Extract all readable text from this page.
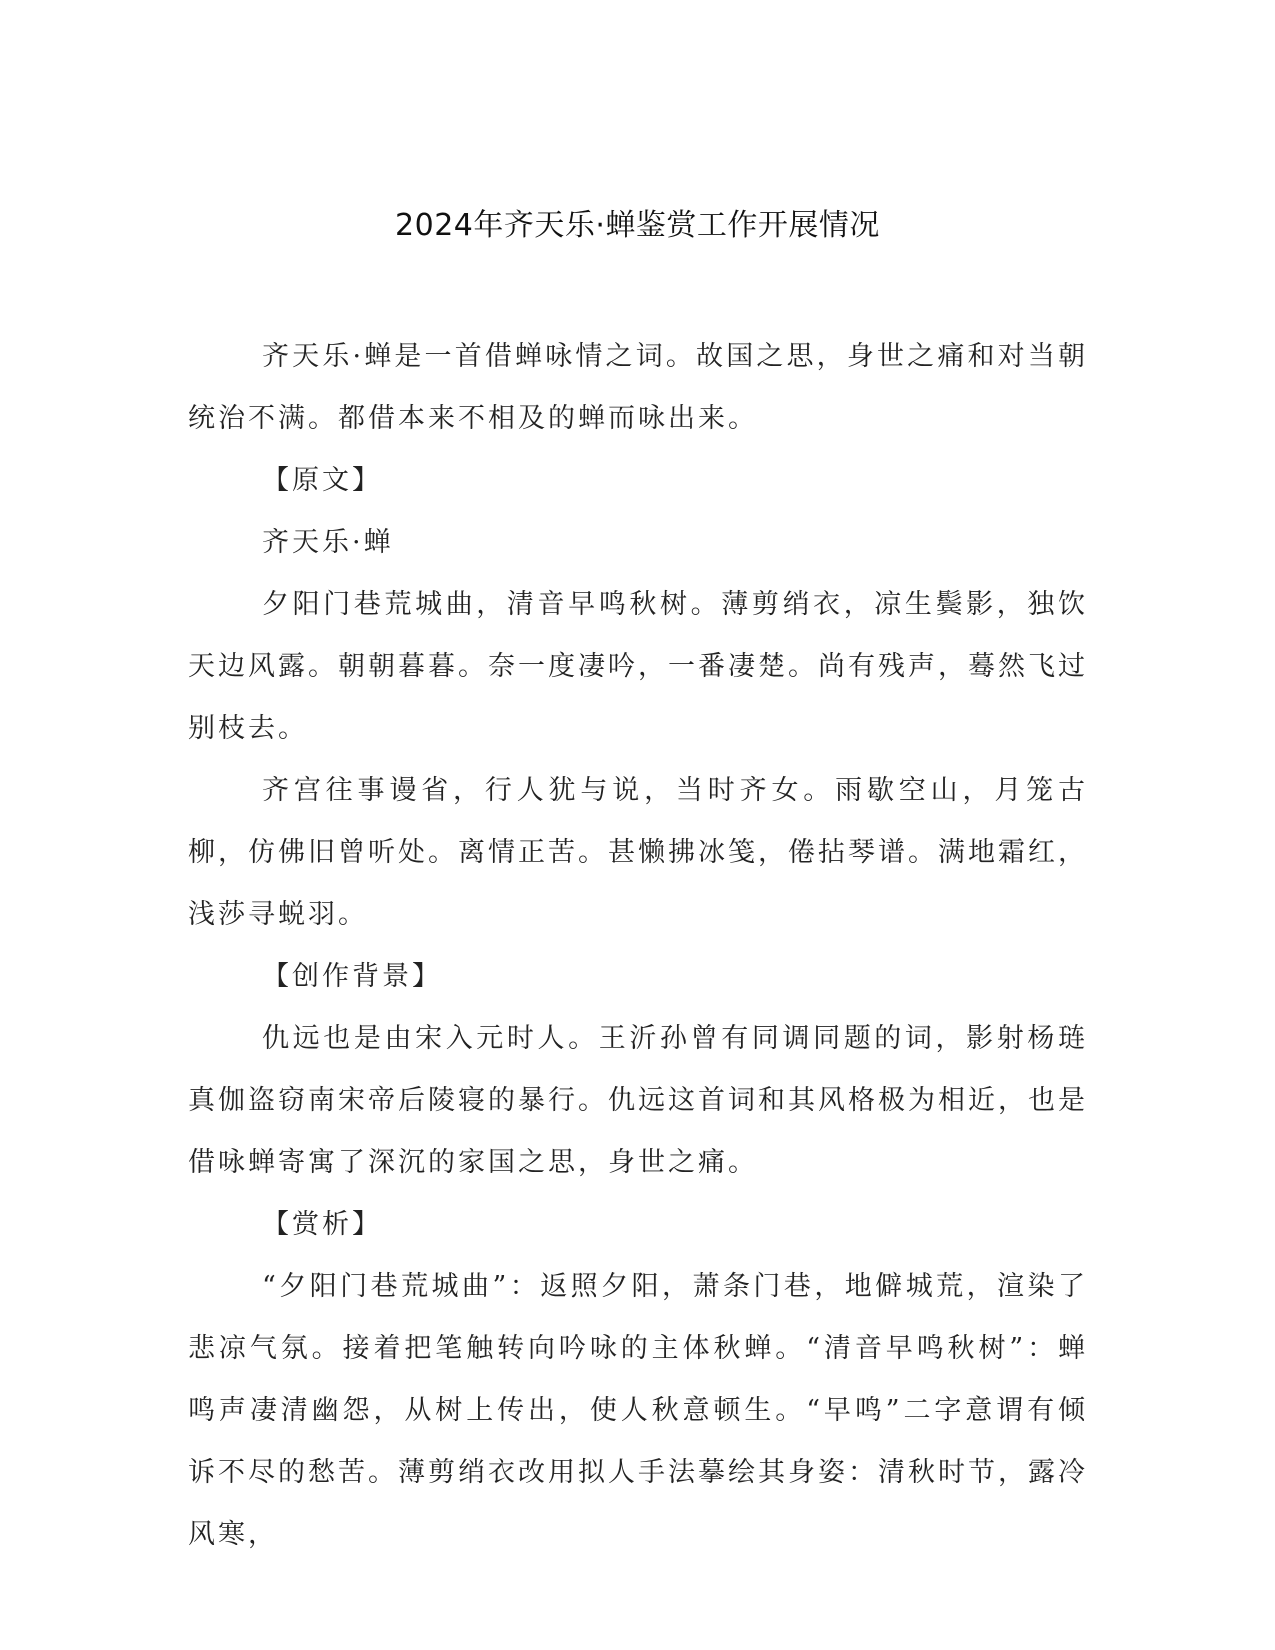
2024年齐天乐·蝉鉴赏工作开展情况

齐天乐·蝉是一首借蝉咏情之词。故国之思，身世之痛和对当朝统治不满。都借本来不相及的蝉而咏出来。

【原文】

齐天乐·蝉

夕阳门巷荒城曲，清音早鸣秋树。薄剪绡衣，凉生鬓影，独饮天边风露。朝朝暮暮。奈一度凄吟，一番凄楚。尚有残声，蓦然飞过别枝去。

齐宫往事谩省，行人犹与说，当时齐女。雨歇空山，月笼古柳，仿佛旧曾听处。离情正苦。甚懒拂冰笺，倦拈琴谱。满地霜红，浅莎寻蜕羽。

【创作背景】

仇远也是由宋入元时人。王沂孙曾有同调同题的词，影射杨琏真伽盗窃南宋帝后陵寝的暴行。仇远这首词和其风格极为相近，也是借咏蝉寄寓了深沉的家国之思，身世之痛。

【赏析】

“夕阳门巷荒城曲”：返照夕阳，萧条门巷，地僻城荒，渲染了悲凉气氛。接着把笔触转向吟咏的主体秋蝉。“清音早鸣秋树”：蝉鸣声凄清幽怨，从树上传出，使人秋意顿生。“早鸣”二字意谓有倾诉不尽的愁苦。薄剪绡衣改用拟人手法摹绘其身姿：清秋时节，露冷风寒，
